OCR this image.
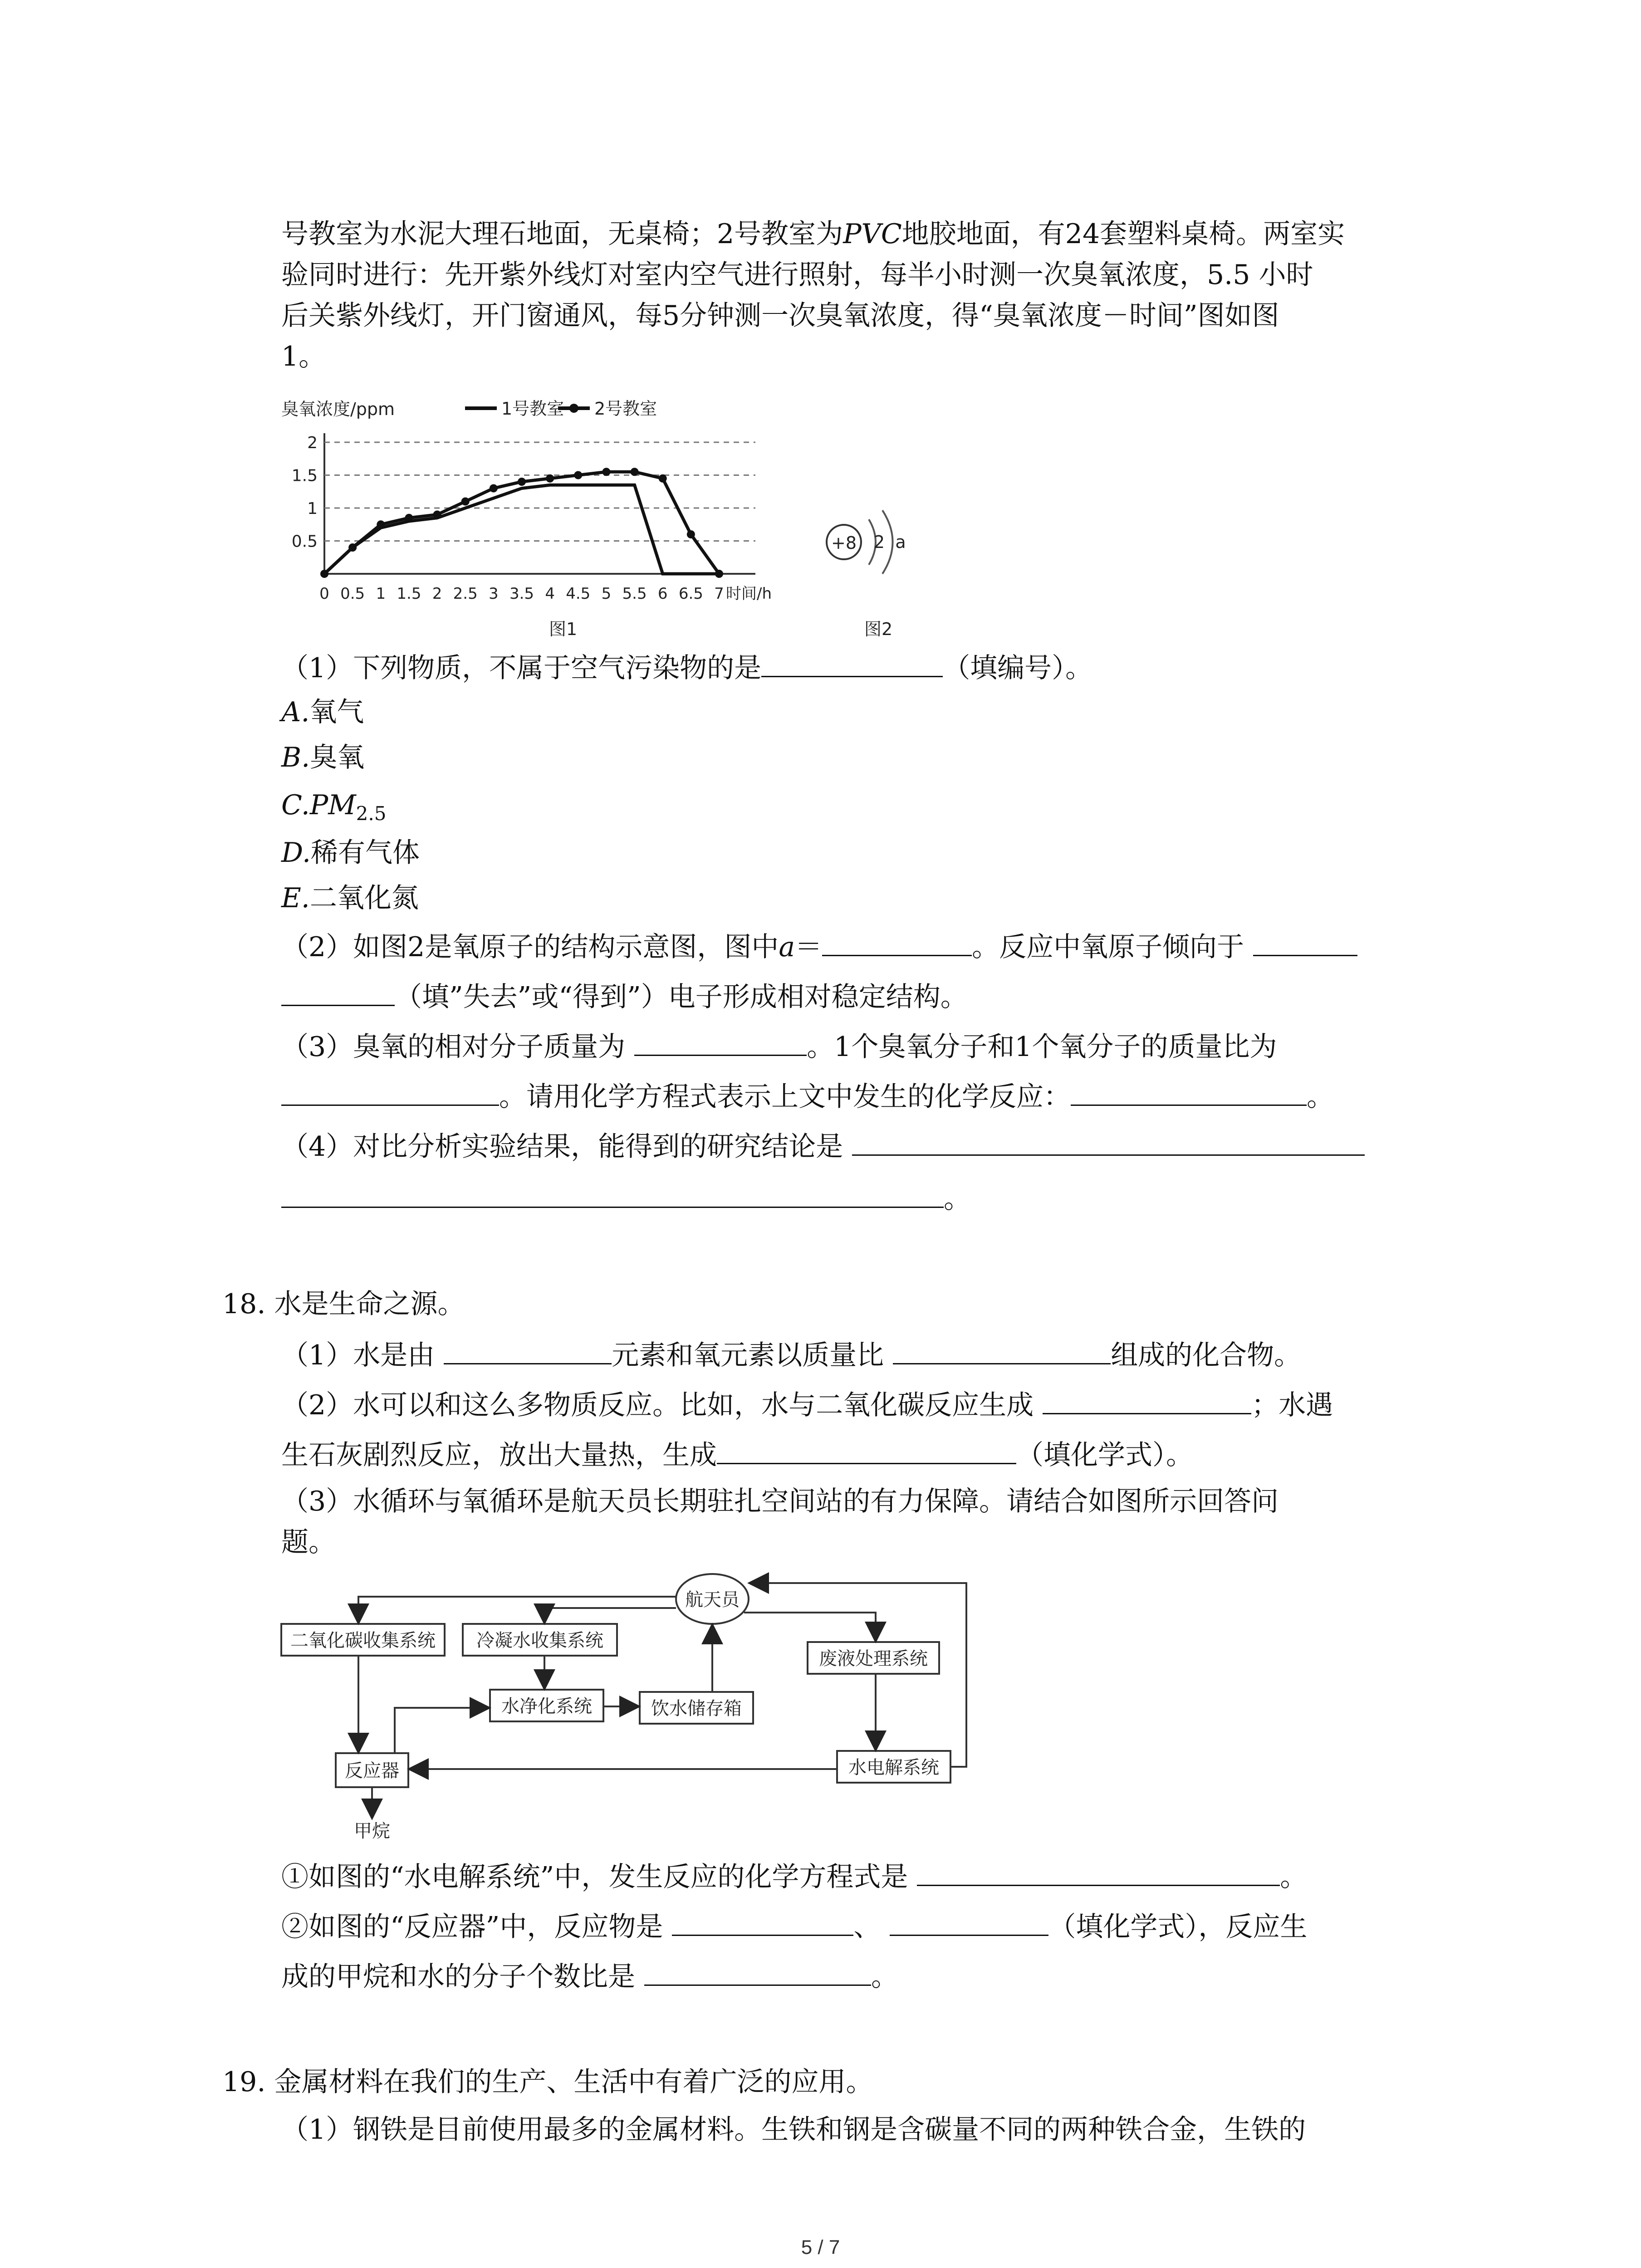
号教室为水泥大理石地面，无桌椅；2号教室为PVC地胶地面，有24套塑料桌椅。两室实
验同时进行：先开紫外线灯对室内空气进行照射，每半小时测一次臭氧浓度，5.5 小时
后关紫外线灯，开门窗通风，每5分钟测一次臭氧浓度，得“臭氧浓度－时间”图如图
1。
臭氧浓度/ppm	1号教室 2号教室
0.5
1
1.5
2
0 0.5 1 1.5 2 2.5 3 3.5 4 4.5 5 5.5 6 6.5 7 时间/h
图1
+8 2 a
图2
（1）下列物质，不属于空气污染物的是	（填编号）。
A.氧气
B.臭氧
$C.PM_{2.5}$
D.稀有气体
E.二氧化氮
（2）如图2是氧原子的结构示意图，图中a＝	。反应中氧原子倾向于
（填”失去”或“得到”）电子形成相对稳定结构。
（3）臭氧的相对分子质量为	。1个臭氧分子和1个氧分子的质量比为
。请用化学方程式表示上文中发生的化学反应：	。
（4）对比分析实验结果，能得到的研究结论是
。
18. 水是生命之源。
（1）水是由	元素和氧元素以质量比	组成的化合物。
（2）水可以和这么多物质反应。比如，水与二氧化碳反应生成	；水遇
生石灰剧烈反应，放出大量热，生成	（填化学式）。
（3）水循环与氧循环是航天员长期驻扎空间站的有力保障。请结合如图所示回答问
题。
二氧化碳收集系统 冷凝水收集系统
废液处理系统
水净化系统	饮水储存箱
反应器	水电解系统
航天员
甲烷
①如图的“水电解系统”中，发生反应的化学方程式是	。
②如图的“反应器”中，反应物是	、	（填化学式），反应生
成的甲烷和水的分子个数比是	。
19. 金属材料在我们的生产、生活中有着广泛的应用。
（1）钢铁是目前使用最多的金属材料。生铁和钢是含碳量不同的两种铁合金，生铁的
5 / 7
